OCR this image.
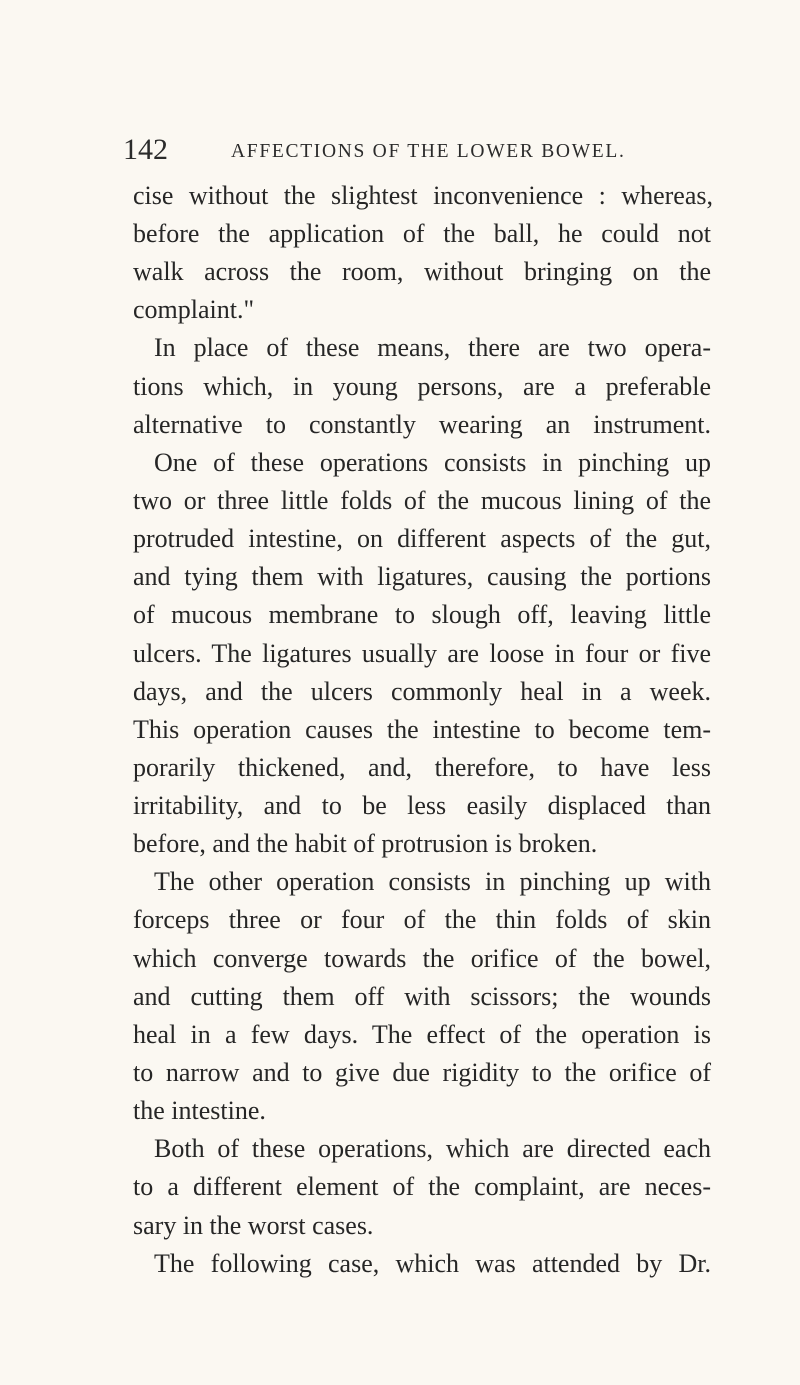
142	AFFECTIONS OF THE LOWER BOWEL.
cise without the slightest inconvenience : whereas,
before the application of the ball, he could not
walk across the room, without bringing on the
complaint."
In place of these means, there are two opera-
tions which, in young persons, are a preferable
alternative to constantly wearing an instrument.
One of these operations consists in pinching up
two or three little folds of the mucous lining of the
protruded intestine, on different aspects of the gut,
and tying them with ligatures, causing the portions
of mucous membrane to slough off, leaving little
ulcers. The ligatures usually are loose in four or five
days, and the ulcers commonly heal in a week.
This operation causes the intestine to become tem-
porarily thickened, and, therefore, to have less
irritability, and to be less easily displaced than
before, and the habit of protrusion is broken.
The other operation consists in pinching up with
forceps three or four of the thin folds of skin
which converge towards the orifice of the bowel,
and cutting them off with scissors; the wounds
heal in a few days. The effect of the operation is
to narrow and to give due rigidity to the orifice of
the intestine.
Both of these operations, which are directed each
to a different element of the complaint, are neces-
sary in the worst cases.
The following case, which was attended by Dr.
